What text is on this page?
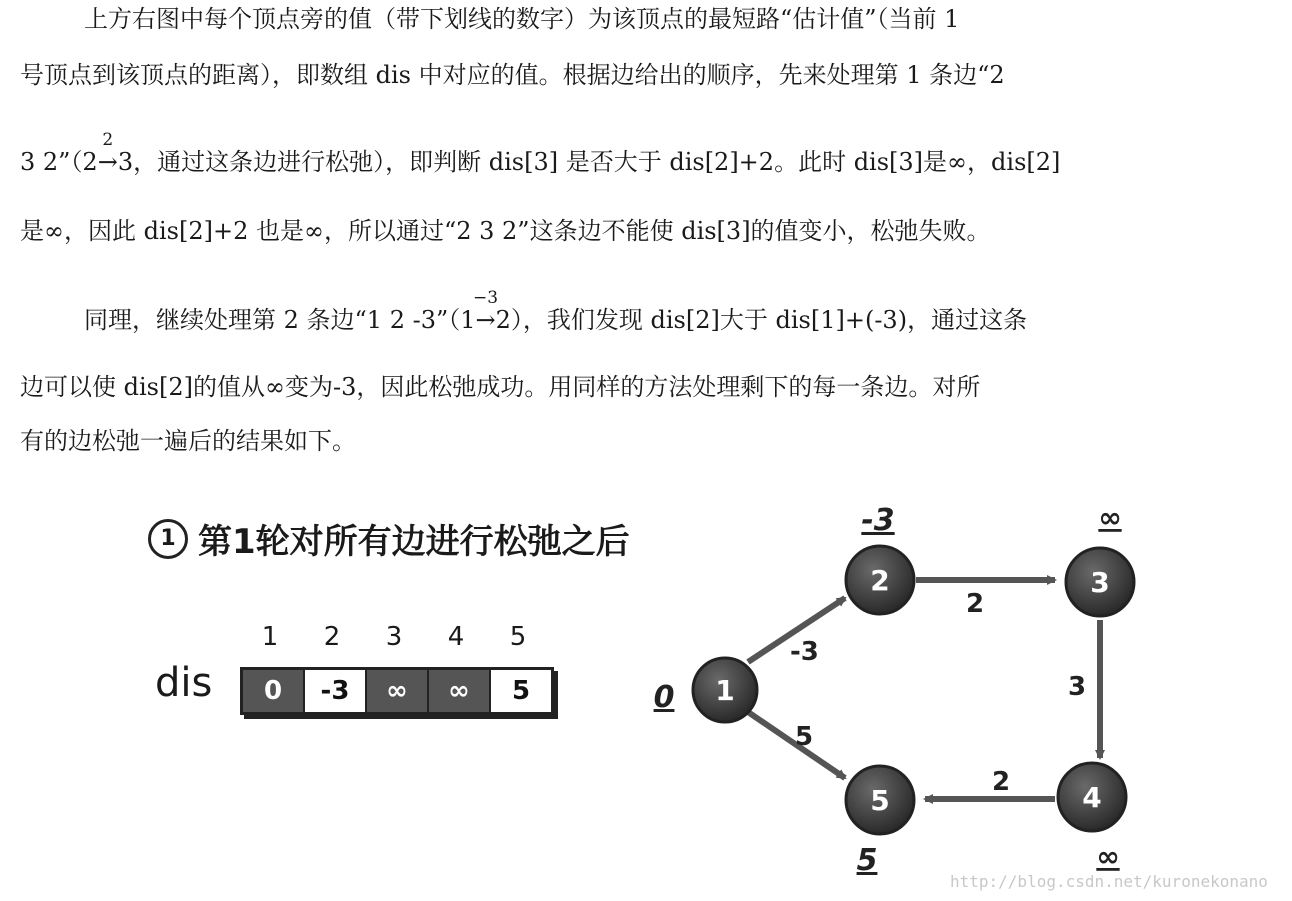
上方右图中每个顶点旁的值（带下划线的数字）为该顶点的最短路“估计值”（当前 1
号顶点到该顶点的距离），即数组 dis 中对应的值。根据边给出的顺序，先来处理第 1 条边“2
3 2”（2→
2
3，通过这条边进行松弛），即判断 dis[3] 是否大于 dis[2]+2。此时 dis[3]是∞，dis[2]
是∞，因此 dis[2]+2 也是∞，所以通过“2 3 2”这条边不能使 dis[3]的值变小，松弛失败。
同理，继续处理第 2 条边“1 2 -3”（1→
−3
2），我们发现 dis[2]大于 dis[1]+(-3)，通过这条
边可以使 dis[2]的值从∞变为-3，因此松弛成功。用同样的方法处理剩下的每一条边。对所
有的边松弛一遍后的结果如下。
1 第1轮对所有边进行松弛之后
1	2	3	4	5
dis	0	-3	∞	∞	5
-3
5
2
3
2
1
2	3
4
5
0
-3	∞
∞
5
http://blog.csdn.net/kuronekonano
